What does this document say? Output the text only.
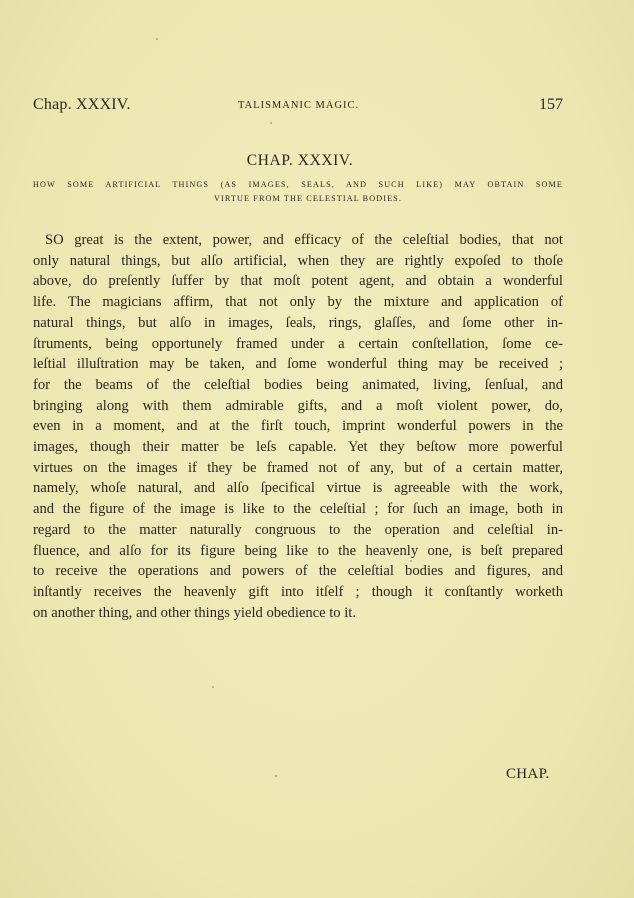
Chap. XXXIV.	TALISMANIC MAGIC.	157
CHAP. XXXIV.
HOW SOME ARTIFICIAL THINGS (AS IMAGES, SEALS, AND SUCH LIKE) MAY OBTAIN SOME
VIRTUE FROM THE CELESTIAL BODIES.
SO great is the extent, power, and efficacy of the celeſtial bodies, that not
only natural things, but alſo artificial, when they are rightly expoſed to thoſe
above, do preſently ſuffer by that moſt potent agent, and obtain a wonderful
life. The magicians affirm, that not only by the mixture and application of
natural things, but alſo in images, ſeals, rings, glaſſes, and ſome other in-
ſtruments, being opportunely framed under a certain conſtellation, ſome ce-
leſtial illuſtration may be taken, and ſome wonderful thing may be received ;
for the beams of the celeſtial bodies being animated, living, ſenſual, and
bringing along with them admirable gifts, and a moſt violent power, do,
even in a moment, and at the firſt touch, imprint wonderful powers in the
images, though their matter be leſs capable. Yet they beſtow more powerful
virtues on the images if they be framed not of any, but of a certain matter,
namely, whoſe natural, and alſo ſpecifical virtue is agreeable with the work,
and the figure of the image is like to the celeſtial ; for ſuch an image, both in
regard to the matter naturally congruous to the operation and celeſtial in-
fluence, and alſo for its figure being like to the heavenly one, is beſt prepared
to receive the operations and powers of the celeſtial bodies and figures, and
inſtantly receives the heavenly gift into itſelf ; though it conſtantly worketh
on another thing, and other things yield obedience to it.
CHAP.
